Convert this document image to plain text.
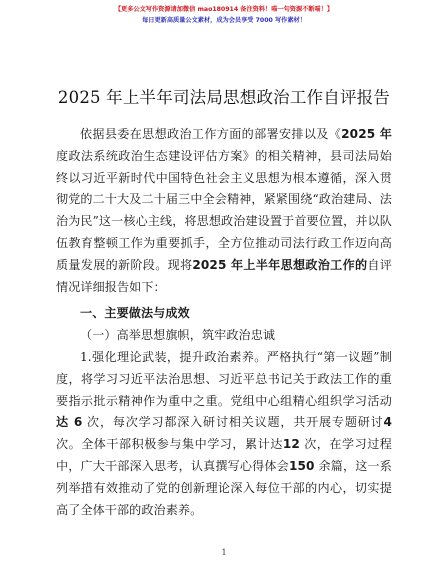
【更多公文写作资源请加微信 mao180914 备注资料！喵一句资源不断喵！】
每日更新高质量公文素材，成为会员享受 7000 写作素材！
2025 年上半年司法局思想政治工作自评报告
依据县委在思想政治工作方面的部署安排以及《2025 年度政法系统政治生态建设评估方案》的相关精神，县司法局始终以习近平新时代中国特色社会主义思想为根本遵循，深入贯彻党的二十大及二十届三中全会精神，紧紧围绕“政治建局、法治为民”这一核心主线，将思想政治建设置于首要位置，并以队伍教育整顿工作为重要抓手，全方位推动司法行政工作迈向高质量发展的新阶段。现将2025 年上半年思想政治工作的自评情况详细报告如下：
一、主要做法与成效
（一）高举思想旗帜，筑牢政治忠诚
1.强化理论武装，提升政治素养。严格执行“第一议题”制度，将学习习近平法治思想、习近平总书记关于政法工作的重要指示批示精神作为重中之重。党组中心组精心组织学习活动达 6 次，每次学习都深入研讨相关议题，共开展专题研讨4 次。全体干部积极参与集中学习，累计达12 次，在学习过程中，广大干部深入思考，认真撰写心得体会150 余篇，这一系列举措有效推动了党的创新理论深入每位干部的内心，切实提高了全体干部的政治素养。
1
